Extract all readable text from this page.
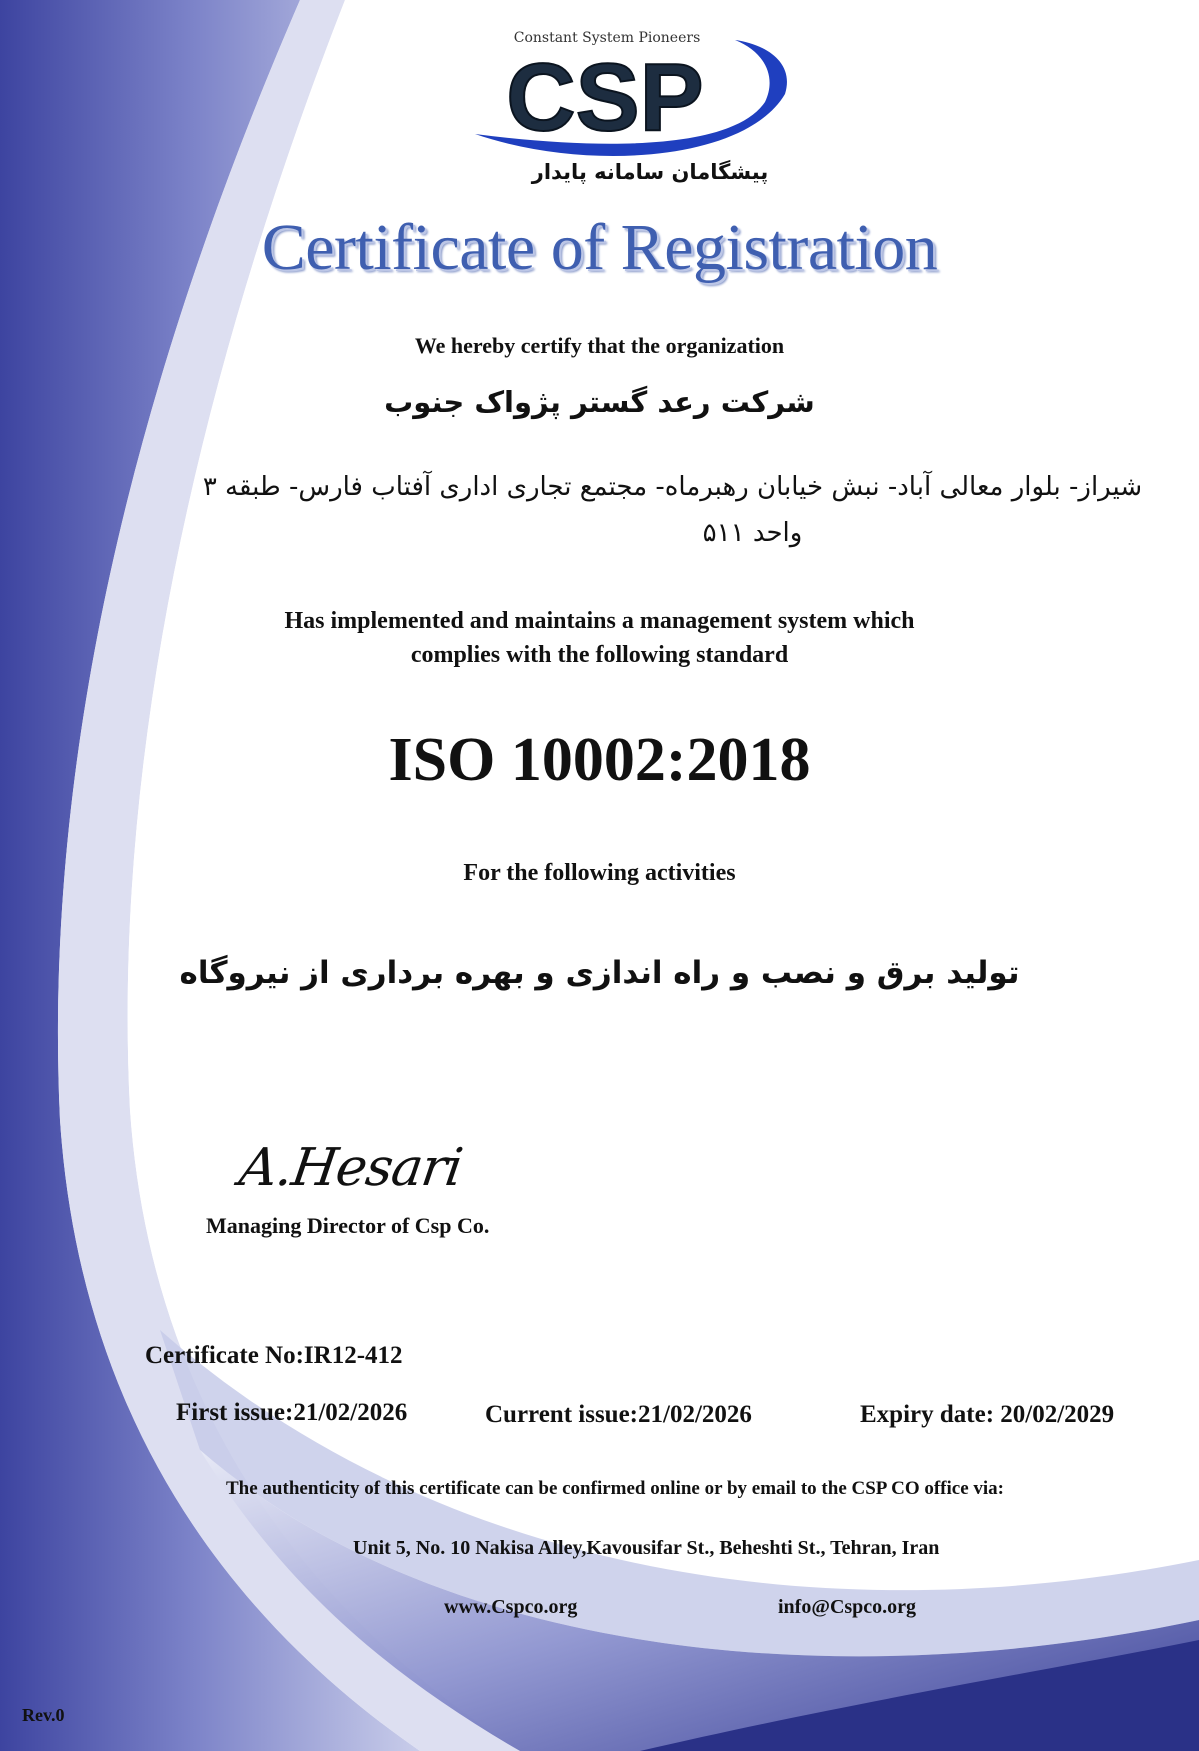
Constant System Pioneers
CSP
پیشگامان سامانه پایدار
Certificate of Registration
We hereby certify that the organization
شرکت رعد گستر پژواک جنوب
شیراز- بلوار معالی آباد- نبش خیابان رهبرماه- مجتمع تجاری اداری آفتاب فارس- طبقه ۳
واحد ۵۱۱
Has implemented and maintains a management system which
complies with the following standard
ISO 10002:2018
For the following activities
تولید برق و نصب و راه اندازی و بهره برداری از نیروگاه
A.Hesari
Managing Director of Csp Co.
Certificate No:IR12-412
First issue:21/02/2026	Current issue:21/02/2026	Expiry date: 20/02/2029
The authenticity of this certificate can be confirmed online or by email to the CSP CO office via:
Unit 5, No. 10 Nakisa Alley,Kavousifar St., Beheshti St., Tehran, Iran
www.Cspco.org	info@Cspco.org
Rev.0
